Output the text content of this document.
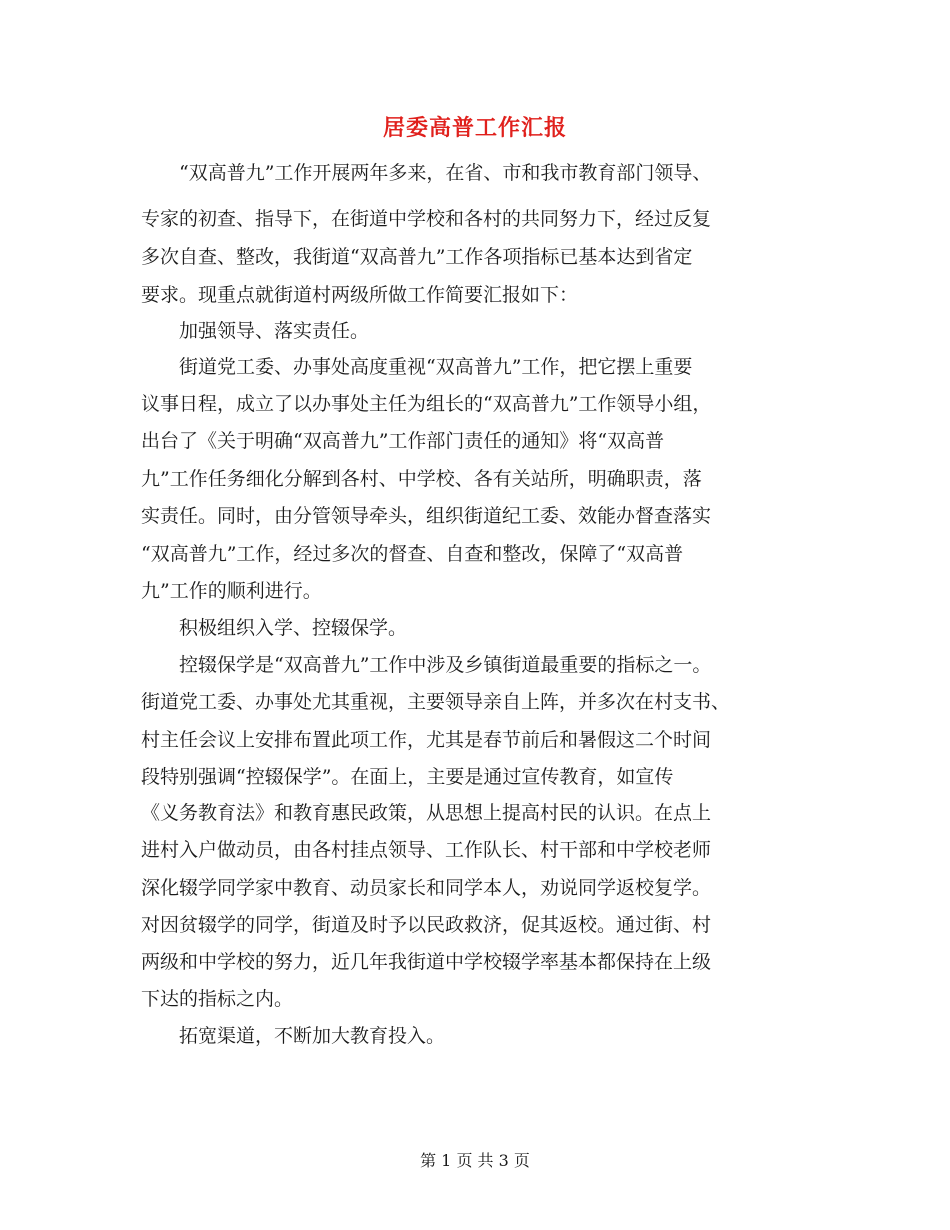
居委高普工作汇报
　　“双高普九”工作开展两年多来，在省、市和我市教育部门领导、
专家的初查、指导下，在街道中学校和各村的共同努力下，经过反复
多次自查、整改，我街道“双高普九”工作各项指标已基本达到省定
要求。现重点就街道村两级所做工作简要汇报如下：
　　加强领导、落实责任。
　　街道党工委、办事处高度重视“双高普九”工作，把它摆上重要
议事日程，成立了以办事处主任为组长的“双高普九”工作领导小组，
出台了《关于明确“双高普九”工作部门责任的通知》将“双高普
九”工作任务细化分解到各村、中学校、各有关站所，明确职责，落
实责任。同时，由分管领导牵头，组织街道纪工委、效能办督查落实
“双高普九”工作，经过多次的督查、自查和整改，保障了“双高普
九”工作的顺利进行。
　　积极组织入学、控辍保学。
　　控辍保学是“双高普九”工作中涉及乡镇街道最重要的指标之一。
街道党工委、办事处尤其重视，主要领导亲自上阵，并多次在村支书、
村主任会议上安排布置此项工作，尤其是春节前后和暑假这二个时间
段特别强调“控辍保学”。在面上，主要是通过宣传教育，如宣传
《义务教育法》和教育惠民政策，从思想上提高村民的认识。在点上
进村入户做动员，由各村挂点领导、工作队长、村干部和中学校老师
深化辍学同学家中教育、动员家长和同学本人，劝说同学返校复学。
对因贫辍学的同学，街道及时予以民政救济，促其返校。通过街、村
两级和中学校的努力，近几年我街道中学校辍学率基本都保持在上级
下达的指标之内。
　　拓宽渠道，不断加大教育投入。
第 1 页 共 3 页
